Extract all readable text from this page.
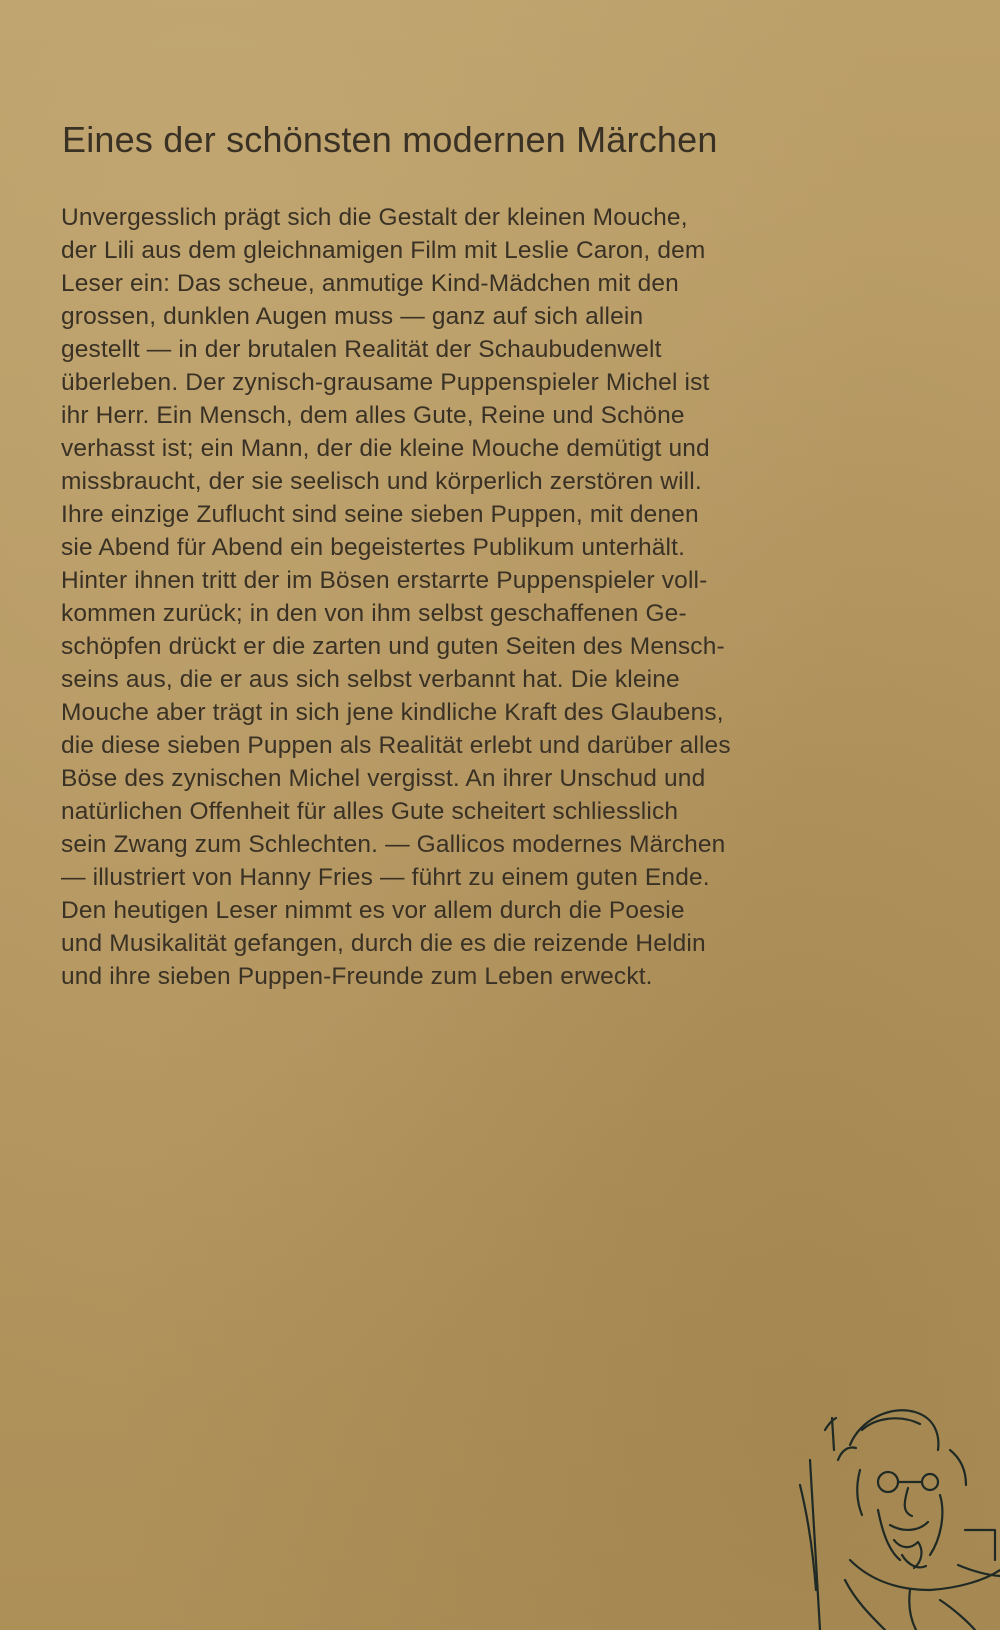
Eines der schönsten modernen Märchen
Unvergesslich prägt sich die Gestalt der kleinen Mouche,
der Lili aus dem gleichnamigen Film mit Leslie Caron, dem
Leser ein: Das scheue, anmutige Kind-Mädchen mit den
grossen, dunklen Augen muss — ganz auf sich allein
gestellt — in der brutalen Realität der Schaubudenwelt
überleben. Der zynisch-grausame Puppenspieler Michel ist
ihr Herr. Ein Mensch, dem alles Gute, Reine und Schöne
verhasst ist; ein Mann, der die kleine Mouche demütigt und
missbraucht, der sie seelisch und körperlich zerstören will.
Ihre einzige Zuflucht sind seine sieben Puppen, mit denen
sie Abend für Abend ein begeistertes Publikum unterhält.
Hinter ihnen tritt der im Bösen erstarrte Puppenspieler voll-
kommen zurück; in den von ihm selbst geschaffenen Ge-
schöpfen drückt er die zarten und guten Seiten des Mensch-
seins aus, die er aus sich selbst verbannt hat. Die kleine
Mouche aber trägt in sich jene kindliche Kraft des Glaubens,
die diese sieben Puppen als Realität erlebt und darüber alles
Böse des zynischen Michel vergisst. An ihrer Unschud und
natürlichen Offenheit für alles Gute scheitert schliesslich
sein Zwang zum Schlechten. — Gallicos modernes Märchen
— illustriert von Hanny Fries — führt zu einem guten Ende.
Den heutigen Leser nimmt es vor allem durch die Poesie
und Musikalität gefangen, durch die es die reizende Heldin
und ihre sieben Puppen-Freunde zum Leben erweckt.
